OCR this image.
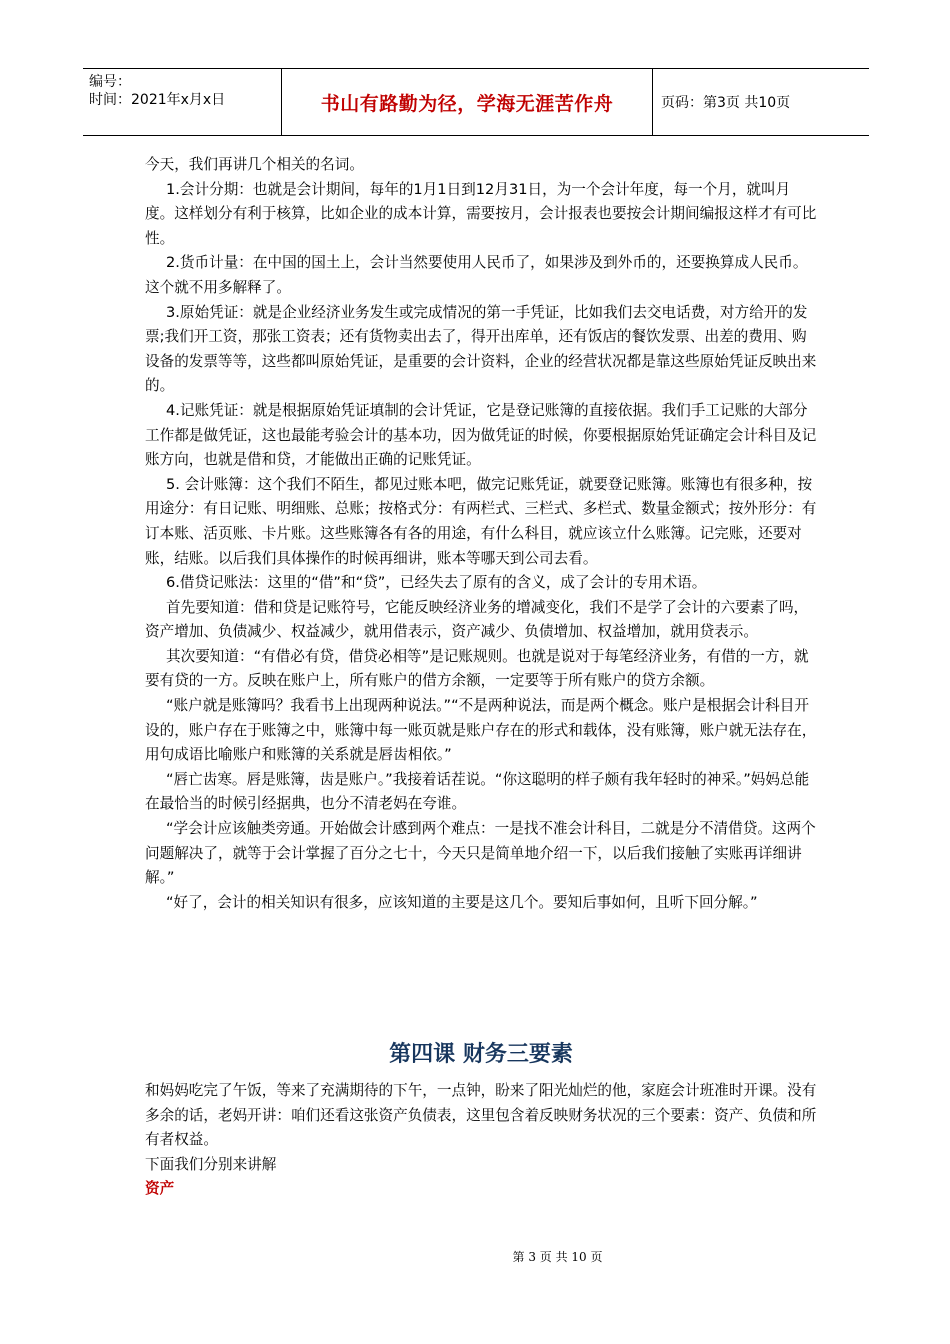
编号：
时间：2021年x月x日	书山有路勤为径，学海无涯苦作舟	页码：第3页 共10页

今天，我们再讲几个相关的名词。

1.会计分期：也就是会计期间，每年的1月1日到12月31日，为一个会计年度，每一个月，就叫月度。这样划分有利于核算，比如企业的成本计算，需要按月，会计报表也要按会计期间编报这样才有可比性。

2.货币计量：在中国的国土上，会计当然要使用人民币了，如果涉及到外币的，还要换算成人民币。这个就不用多解释了。

3.原始凭证：就是企业经济业务发生或完成情况的第一手凭证，比如我们去交电话费，对方给开的发票;我们开工资，那张工资表；还有货物卖出去了，得开出库单，还有饭店的餐饮发票、出差的费用、购设备的发票等等，这些都叫原始凭证，是重要的会计资料，企业的经营状况都是靠这些原始凭证反映出来的。

4.记账凭证：就是根据原始凭证填制的会计凭证，它是登记账簿的直接依据。我们手工记账的大部分工作都是做凭证，这也最能考验会计的基本功，因为做凭证的时候，你要根据原始凭证确定会计科目及记账方向，也就是借和贷，才能做出正确的记账凭证。

5. 会计账簿：这个我们不陌生，都见过账本吧，做完记账凭证，就要登记账簿。账簿也有很多种，按用途分：有日记账、明细账、总账；按格式分：有两栏式、三栏式、多栏式、数量金额式；按外形分：有订本账、活页账、卡片账。这些账簿各有各的用途，有什么科目，就应该立什么账簿。记完账，还要对账，结账。以后我们具体操作的时候再细讲，账本等哪天到公司去看。

6.借贷记账法：这里的“借”和“贷”，已经失去了原有的含义，成了会计的专用术语。

首先要知道：借和贷是记账符号，它能反映经济业务的增减变化，我们不是学了会计的六要素了吗，资产增加、负债减少、权益减少，就用借表示，资产减少、负债增加、权益增加，就用贷表示。

其次要知道：“有借必有贷，借贷必相等”是记账规则。也就是说对于每笔经济业务，有借的一方，就要有贷的一方。反映在账户上，所有账户的借方余额，一定要等于所有账户的贷方余额。

“账户就是账簿吗？我看书上出现两种说法。”“不是两种说法，而是两个概念。账户是根据会计科目开设的，账户存在于账簿之中，账簿中每一账页就是账户存在的形式和载体，没有账簿，账户就无法存在，用句成语比喻账户和账簿的关系就是唇齿相依。”

“唇亡齿寒。唇是账簿，齿是账户。”我接着话茬说。“你这聪明的样子颇有我年轻时的神采。”妈妈总能在最恰当的时候引经据典，也分不清老妈在夸谁。

“学会计应该触类旁通。开始做会计感到两个难点：一是找不准会计科目，二就是分不清借贷。这两个问题解决了，就等于会计掌握了百分之七十，今天只是简单地介绍一下，以后我们接触了实账再详细讲解。”

“好了，会计的相关知识有很多，应该知道的主要是这几个。要知后事如何，且听下回分解。”

第四课 财务三要素

和妈妈吃完了午饭，等来了充满期待的下午，一点钟，盼来了阳光灿烂的他，家庭会计班准时开课。没有多余的话，老妈开讲：咱们还看这张资产负债表，这里包含着反映财务状况的三个要素：资产、负债和所有者权益。

下面我们分别来讲解

资产

第 3 页 共 10 页
